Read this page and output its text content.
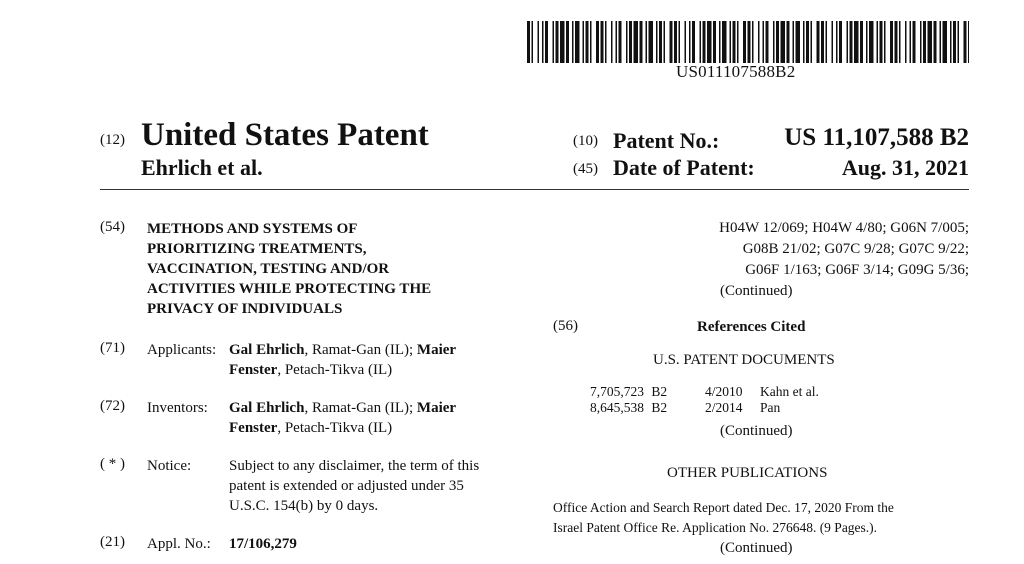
US011107588B2
(12) United States Patent
Ehrlich et al.
(10) Patent No.:	US 11,107,588 B2
(45) Date of Patent:	Aug. 31, 2021
(54) METHODS AND SYSTEMS OF
PRIORITIZING TREATMENTS,
VACCINATION, TESTING AND/OR
ACTIVITIES WHILE PROTECTING THE
PRIVACY OF INDIVIDUALS
(71) Applicants: Gal Ehrlich, Ramat-Gan (IL); Maier
Fenster, Petach-Tikva (IL)
(72) Inventors: Gal Ehrlich, Ramat-Gan (IL); Maier
Fenster, Petach-Tikva (IL)
( * ) Notice:	Subject to any disclaimer, the term of this
patent is extended or adjusted under 35
U.S.C. 154(b) by 0 days.
(21) Appl. No.: 17/106,279
H04W 12/069; H04W 4/80; G06N 7/005;
G08B 21/02; G07C 9/28; G07C 9/22;
G06F 1/163; G06F 3/14; G09G 5/36;
(Continued)
(56)	References Cited
U.S. PATENT DOCUMENTS
7,705,723 B2	4/2010 Kahn et al.
8,645,538 B2	2/2014 Pan
(Continued)
OTHER PUBLICATIONS
Office Action and Search Report dated Dec. 17, 2020 From the
Israel Patent Office Re. Application No. 276648. (9 Pages.).
(Continued)
